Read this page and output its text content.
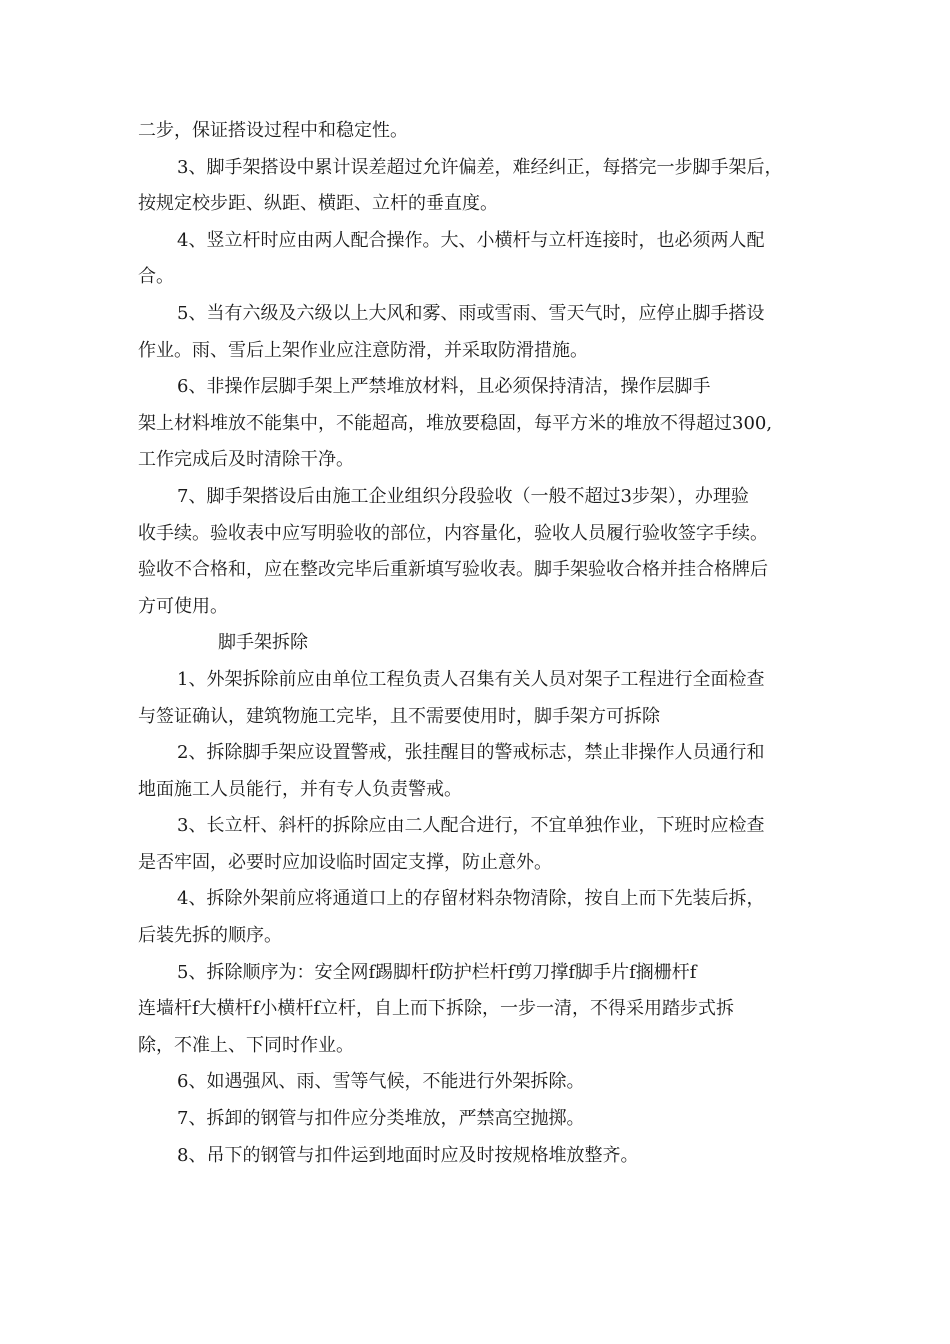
二步，保证搭设过程中和稳定性。
3、脚手架搭设中累计误差超过允许偏差，难经纠正，每搭完一步脚手架后，
按规定校步距、纵距、横距、立杆的垂直度。
4、竖立杆时应由两人配合操作。大、小横杆与立杆连接时，也必须两人配
合。
5、当有六级及六级以上大风和雾、雨或雪雨、雪天气时，应停止脚手搭设
作业。雨、雪后上架作业应注意防滑，并采取防滑措施。
6、非操作层脚手架上严禁堆放材料，且必须保持清洁，操作层脚手
架上材料堆放不能集中，不能超高，堆放要稳固，每平方米的堆放不得超过300,
工作完成后及时清除干净。
7、脚手架搭设后由施工企业组织分段验收（一般不超过3步架），办理验
收手续。验收表中应写明验收的部位，内容量化，验收人员履行验收签字手续。
验收不合格和，应在整改完毕后重新填写验收表。脚手架验收合格并挂合格牌后
方可使用。
脚手架拆除
1、外架拆除前应由单位工程负责人召集有关人员对架子工程进行全面检查
与签证确认，建筑物施工完毕，且不需要使用时，脚手架方可拆除
2、拆除脚手架应设置警戒，张挂醒目的警戒标志，禁止非操作人员通行和
地面施工人员能行，并有专人负责警戒。
3、长立杆、斜杆的拆除应由二人配合进行，不宜单独作业，下班时应检查
是否牢固，必要时应加设临时固定支撑，防止意外。
4、拆除外架前应将通道口上的存留材料杂物清除，按自上而下先装后拆，
后装先拆的顺序。
5、拆除顺序为：安全网f踢脚杆f防护栏杆f剪刀撑f脚手片f搁栅杆f
连墙杆f大横杆f小横杆f立杆，自上而下拆除，一步一清，不得采用踏步式拆
除，不准上、下同时作业。
6、如遇强风、雨、雪等气候，不能进行外架拆除。
7、拆卸的钢管与扣件应分类堆放，严禁高空抛掷。
8、吊下的钢管与扣件运到地面时应及时按规格堆放整齐。
